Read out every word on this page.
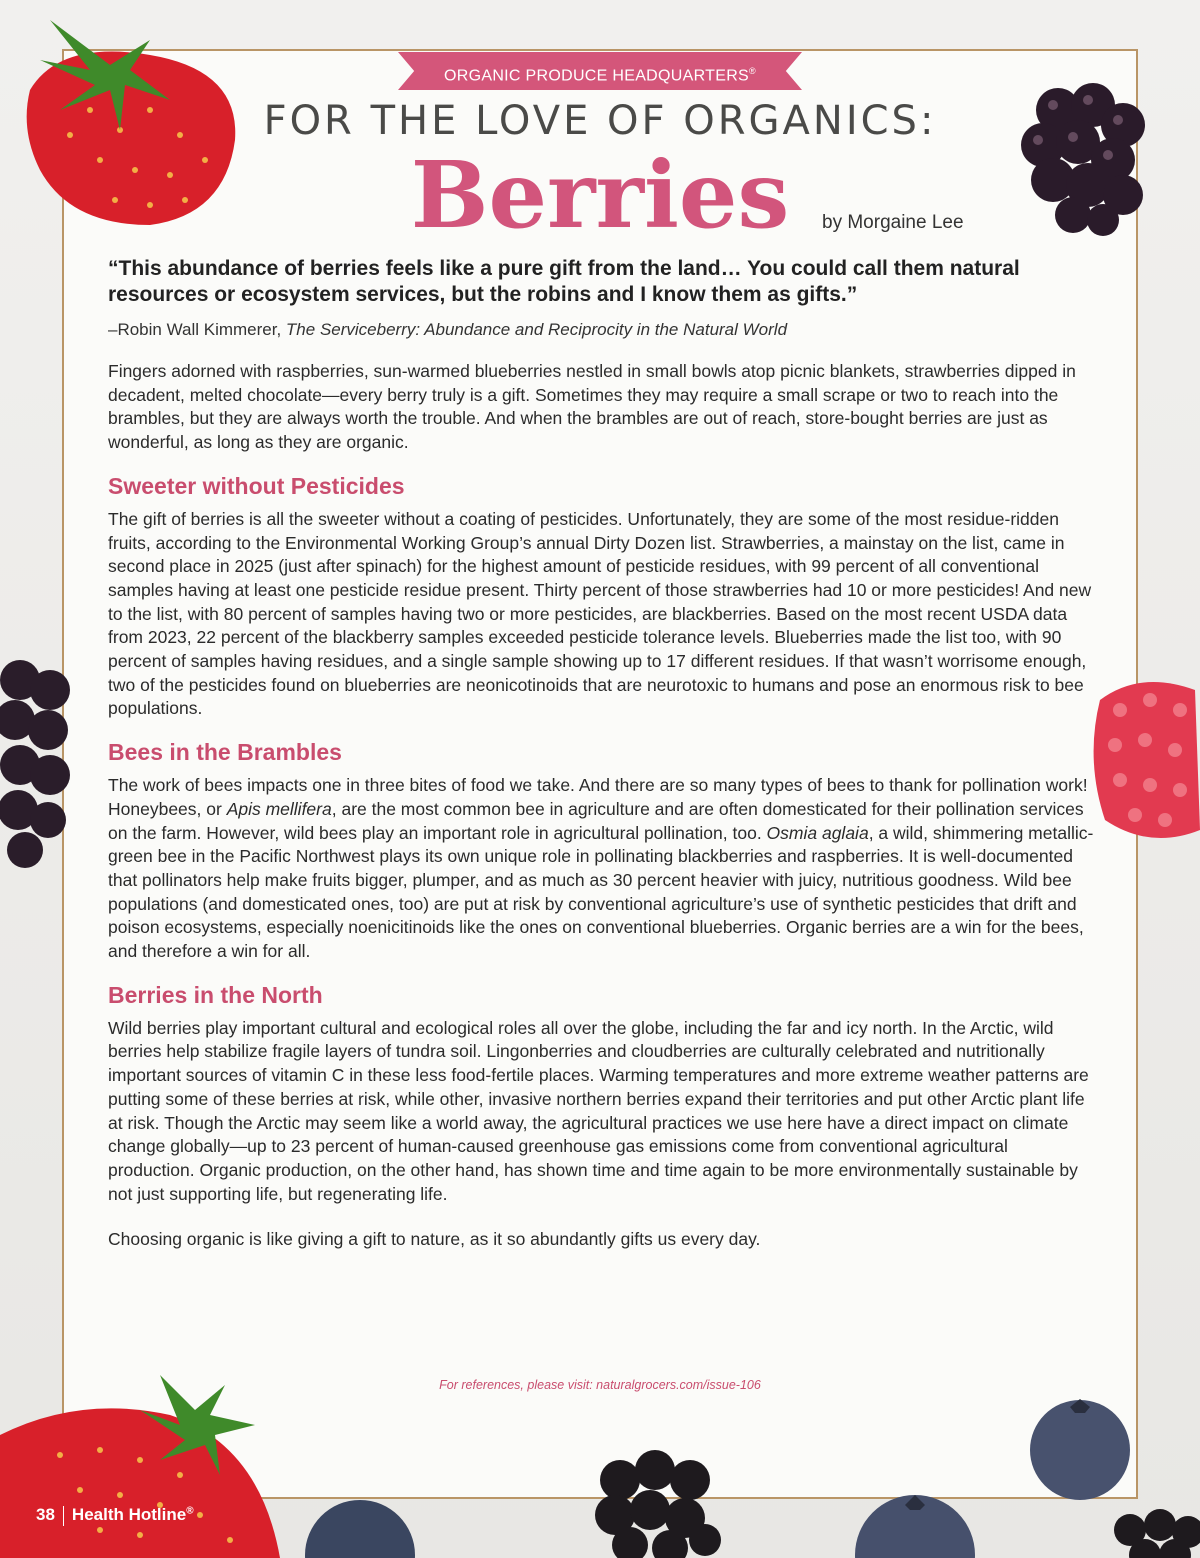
ORGANIC PRODUCE HEADQUARTERS®
FOR THE LOVE OF ORGANICS:
Berries	by Morgaine Lee

“This abundance of berries feels like a pure gift from the land… You could call them natural resources or ecosystem services, but the robins and I know them as gifts.”

–Robin Wall Kimmerer, The Serviceberry: Abundance and Reciprocity in the Natural World

Fingers adorned with raspberries, sun-warmed blueberries nestled in small bowls atop picnic blankets, strawberries dipped in decadent, melted chocolate—every berry truly is a gift. Sometimes they may require a small scrape or two to reach into the brambles, but they are always worth the trouble. And when the brambles are out of reach, store-bought berries are just as wonderful, as long as they are organic.

Sweeter without Pesticides

The gift of berries is all the sweeter without a coating of pesticides. Unfortunately, they are some of the most residue-ridden fruits, according to the Environmental Working Group’s annual Dirty Dozen list. Strawberries, a mainstay on the list, came in second place in 2025 (just after spinach) for the highest amount of pesticide residues, with 99 percent of all conventional samples having at least one pesticide residue present. Thirty percent of those strawberries had 10 or more pesticides! And new to the list, with 80 percent of samples having two or more pesticides, are blackberries. Based on the most recent USDA data from 2023, 22 percent of the blackberry samples exceeded pesticide tolerance levels. Blueberries made the list too, with 90 percent of samples having residues, and a single sample showing up to 17 different residues. If that wasn’t worrisome enough, two of the pesticides found on blueberries are neonicotinoids that are neurotoxic to humans and pose an enormous risk to bee populations.

Bees in the Brambles

The work of bees impacts one in three bites of food we take. And there are so many types of bees to thank for pollination work! Honeybees, or Apis mellifera, are the most common bee in agriculture and are often domesticated for their pollination services on the farm. However, wild bees play an important role in agricultural pollination, too. Osmia aglaia, a wild, shimmering metallic-green bee in the Pacific Northwest plays its own unique role in pollinating blackberries and raspberries. It is well-documented that pollinators help make fruits bigger, plumper, and as much as 30 percent heavier with juicy, nutritious goodness. Wild bee populations (and domesticated ones, too) are put at risk by conventional agriculture’s use of synthetic pesticides that drift and poison ecosystems, especially noenicitinoids like the ones on conventional blueberries. Organic berries are a win for the bees, and therefore a win for all.

Berries in the North

Wild berries play important cultural and ecological roles all over the globe, including the far and icy north. In the Arctic, wild berries help stabilize fragile layers of tundra soil. Lingonberries and cloudberries are culturally celebrated and nutritionally important sources of vitamin C in these less food-fertile places. Warming temperatures and more extreme weather patterns are putting some of these berries at risk, while other, invasive northern berries expand their territories and put other Arctic plant life at risk. Though the Arctic may seem like a world away, the agricultural practices we use here have a direct impact on climate change globally—up to 23 percent of human-caused greenhouse gas emissions come from conventional agricultural production. Organic production, on the other hand, has shown time and time again to be more environmentally sustainable by not just supporting life, but regenerating life.

Choosing organic is like giving a gift to nature, as it so abundantly gifts us every day.

For references, please visit: naturalgrocers.com/issue-106
38 Health Hotline®
